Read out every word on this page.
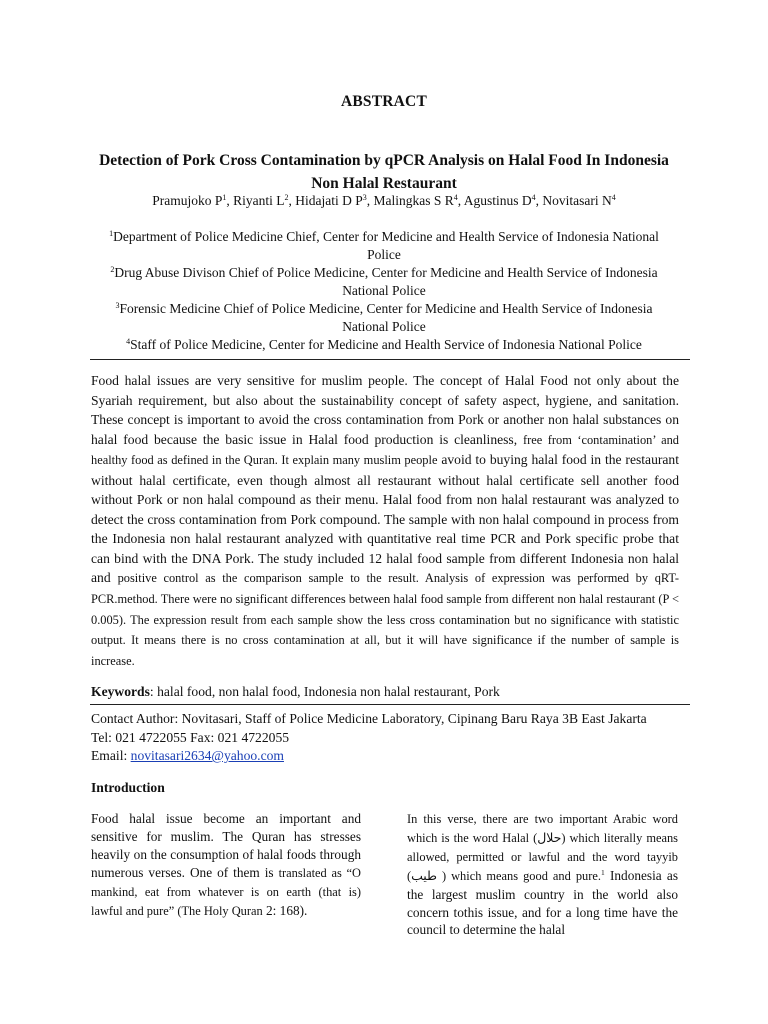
ABSTRACT
Detection of Pork Cross Contamination by qPCR Analysis on Halal Food In Indonesia Non Halal Restaurant
Pramujoko $P^1$, Riyanti $L^2$, Hidajati D $P^3$, Malingkas S $R^4$, Agustinus $D^4$, Novitasari $N^4$
$^1$Department of Police Medicine Chief, Center for Medicine and Health Service of Indonesia National Police
$^2$Drug Abuse Divison Chief of Police Medicine, Center for Medicine and Health Service of Indonesia National Police
$^3$Forensic Medicine Chief of Police Medicine, Center for Medicine and Health Service of Indonesia National Police
$^4$Staff of Police Medicine, Center for Medicine and Health Service of Indonesia National Police
Food halal issues are very sensitive for muslim people. The concept of Halal Food not only about the Syariah requirement, but also about the sustainability concept of safety aspect, hygiene, and sanitation. These concept is important to avoid the cross contamination from Pork or another non halal substances on halal food because the basic issue in Halal food production is cleanliness, free from ‘contamination’ and healthy food as defined in the Quran. It explain many muslim people avoid to buying halal food in the restaurant without halal certificate, even though almost all restaurant without halal certificate sell another food without Pork or non halal compound as their menu. Halal food from non halal restaurant was analyzed to detect the cross contamination from Pork compound. The sample with non halal compound in process from the Indonesia non halal restaurant analyzed with quantitative real time PCR and Pork specific probe that can bind with the DNA Pork. The study included 12 halal food sample from different Indonesia non halal and positive control as the comparison sample to the result. Analysis of expression was performed by qRT-PCR.method. There were no significant differences between halal food sample from different non halal restaurant (P < 0.005). The expression result from each sample show the less cross contamination but no significance with statistic output. It means there is no cross contamination at all, but it will have significance if the number of sample is increase.
Keywords: halal food, non halal food, Indonesia non halal restaurant, Pork
Contact Author: Novitasari, Staff of Police Medicine Laboratory, Cipinang Baru Raya 3B East Jakarta
Tel: 021 4722055 Fax: 021 4722055
Email: novitasari2634@yahoo.com
Introduction
Food halal issue become an important and sensitive for muslim. The Quran has stresses heavily on the consumption of halal foods through numerous verses. One of them is translated as “O mankind, eat from whatever is on earth (that is) lawful and pure” (The Holy Quran 2: 168).
In this verse, there are two important Arabic word which is the word Halal (حلال) which literally means allowed, permitted or lawful and the word tayyib (طيب ) which means good and pure.$^1$ Indonesia as the largest muslim country in the world also concern tothis issue, and for a long time have the council to determine the halal
